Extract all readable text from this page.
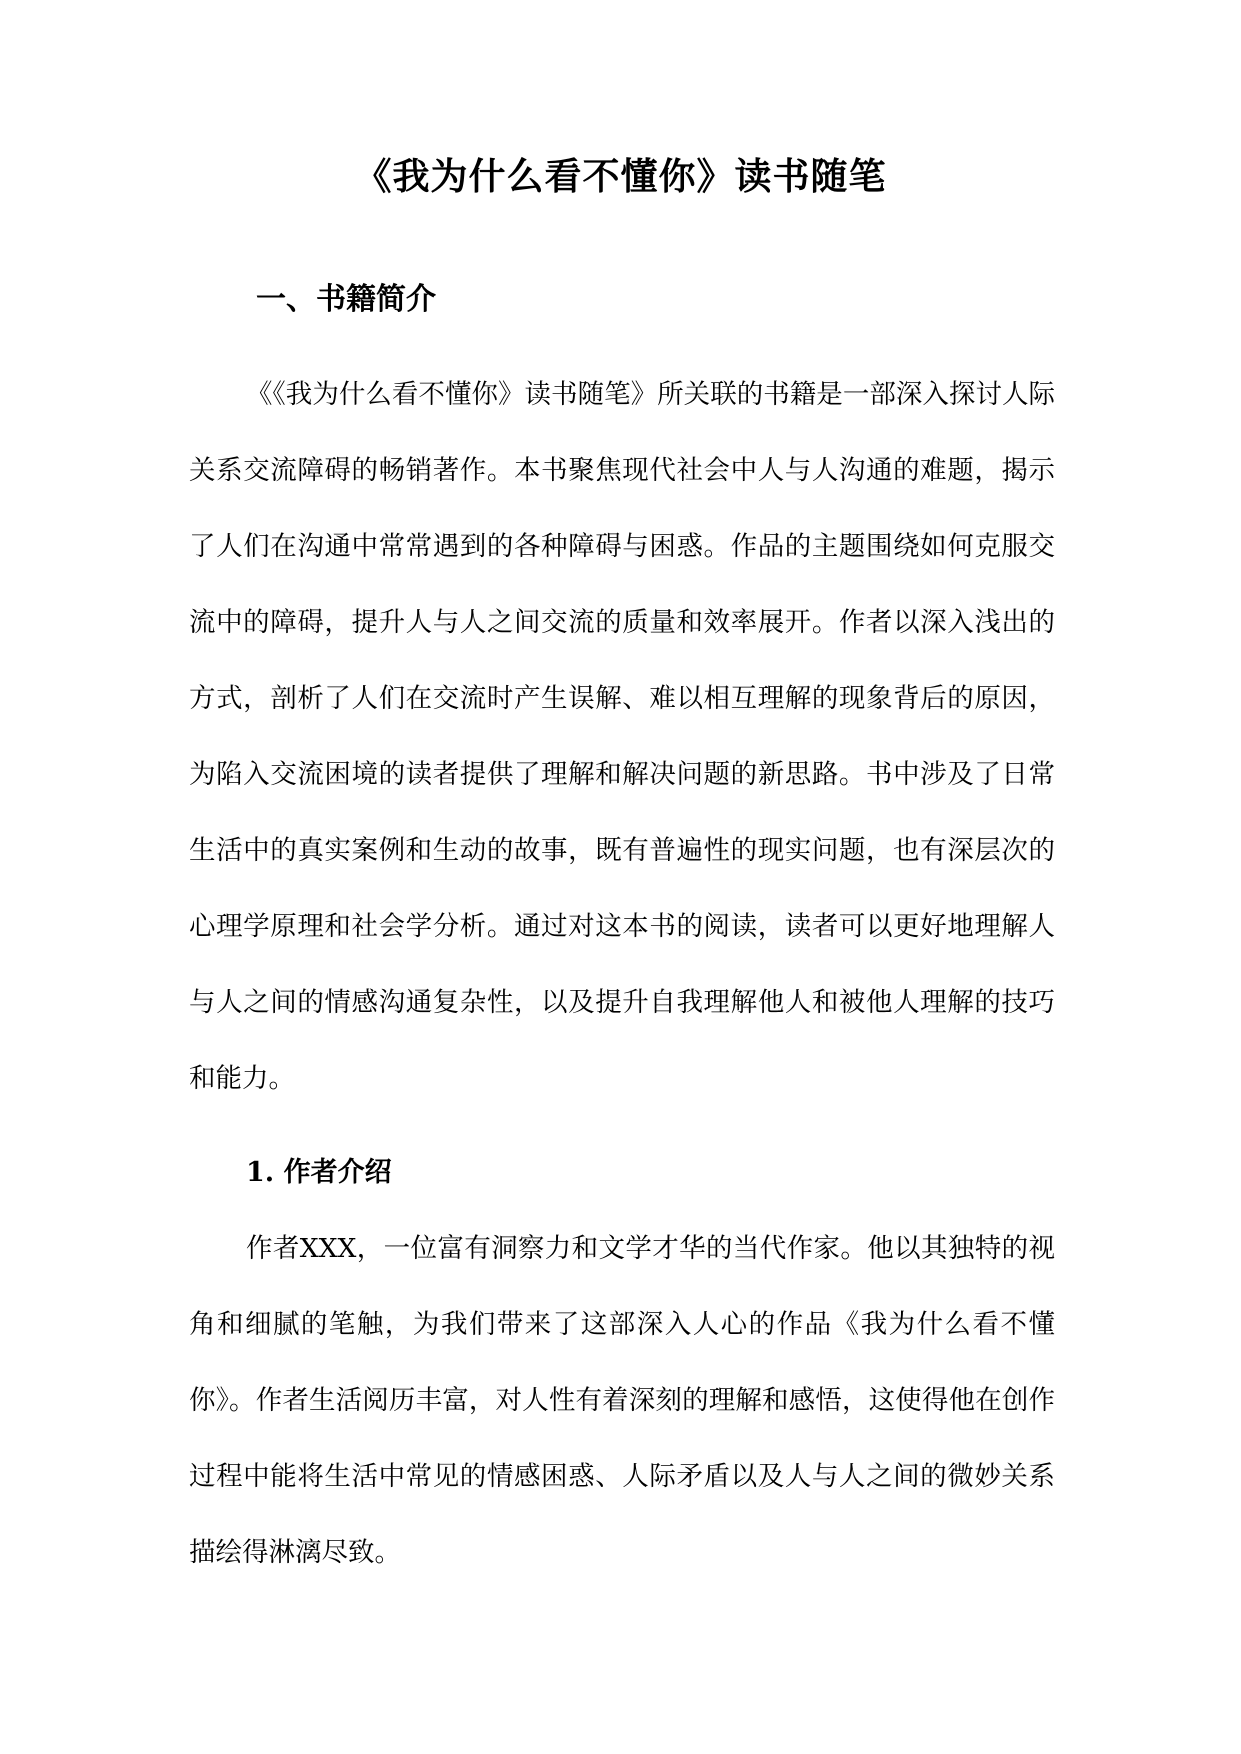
《我为什么看不懂你》读书随笔
一、书籍简介

《《我为什么看不懂你》读书随笔》所关联的书籍是一部深入探讨人际关系交流障碍的畅销著作。本书聚焦现代社会中人与人沟通的难题，揭示了人们在沟通中常常遇到的各种障碍与困惑。作品的主题围绕如何克服交流中的障碍，提升人与人之间交流的质量和效率展开。作者以深入浅出的方式，剖析了人们在交流时产生误解、难以相互理解的现象背后的原因，为陷入交流困境的读者提供了理解和解决问题的新思路。书中涉及了日常生活中的真实案例和生动的故事，既有普遍性的现实问题，也有深层次的心理学原理和社会学分析。通过对这本书的阅读，读者可以更好地理解人与人之间的情感沟通复杂性，以及提升自我理解他人和被他人理解的技巧和能力。

1. 作者介绍

作者XXX，一位富有洞察力和文学才华的当代作家。他以其独特的视角和细腻的笔触，为我们带来了这部深入人心的作品《我为什么看不懂你》。作者生活阅历丰富，对人性有着深刻的理解和感悟，这使得他在创作过程中能将生活中常见的情感困惑、人际矛盾以及人与人之间的微妙关系描绘得淋漓尽致。
